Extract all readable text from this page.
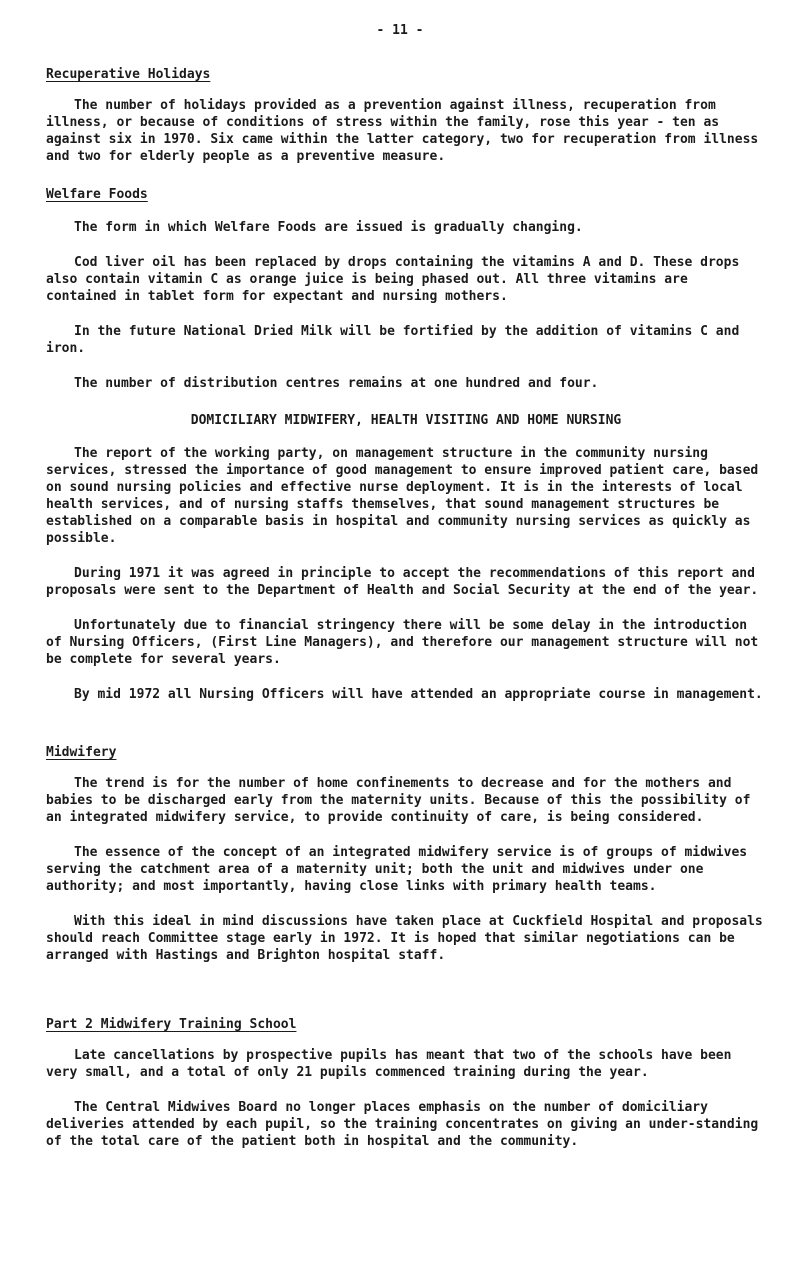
- 11 -
Recuperative Holidays

The number of holidays provided as a prevention against illness, recuperation from illness, or because of conditions of stress within the family, rose this year - ten as against six in 1970. Six came within the latter category, two for recuperation from illness and two for elderly people as a preventive measure.

Welfare Foods

The form in which Welfare Foods are issued is gradually changing.

Cod liver oil has been replaced by drops containing the vitamins A and D. These drops also contain vitamin C as orange juice is being phased out. All three vitamins are contained in tablet form for expectant and nursing mothers.

In the future National Dried Milk will be fortified by the addition of vitamins C and iron.

The number of distribution centres remains at one hundred and four.

DOMICILIARY MIDWIFERY, HEALTH VISITING AND HOME NURSING

The report of the working party, on management structure in the community nursing services, stressed the importance of good management to ensure improved patient care, based on sound nursing policies and effective nurse deployment. It is in the interests of local health services, and of nursing staffs themselves, that sound management structures be established on a comparable basis in hospital and community nursing services as quickly as possible.

During 1971 it was agreed in principle to accept the recommendations of this report and proposals were sent to the Department of Health and Social Security at the end of the year.

Unfortunately due to financial stringency there will be some delay in the introduction of Nursing Officers, (First Line Managers), and therefore our management structure will not be complete for several years.

By mid 1972 all Nursing Officers will have attended an appropriate course in management.

Midwifery

The trend is for the number of home confinements to decrease and for the mothers and babies to be discharged early from the maternity units. Because of this the possibility of an integrated midwifery service, to provide continuity of care, is being considered.

The essence of the concept of an integrated midwifery service is of groups of midwives serving the catchment area of a maternity unit; both the unit and midwives under one authority; and most importantly, having close links with primary health teams.

With this ideal in mind discussions have taken place at Cuckfield Hospital and proposals should reach Committee stage early in 1972. It is hoped that similar negotiations can be arranged with Hastings and Brighton hospital staff.

Part 2 Midwifery Training School

Late cancellations by prospective pupils has meant that two of the schools have been very small, and a total of only 21 pupils commenced training during the year.

The Central Midwives Board no longer places emphasis on the number of domiciliary deliveries attended by each pupil, so the training concentrates on giving an under-standing of the total care of the patient both in hospital and the community.
